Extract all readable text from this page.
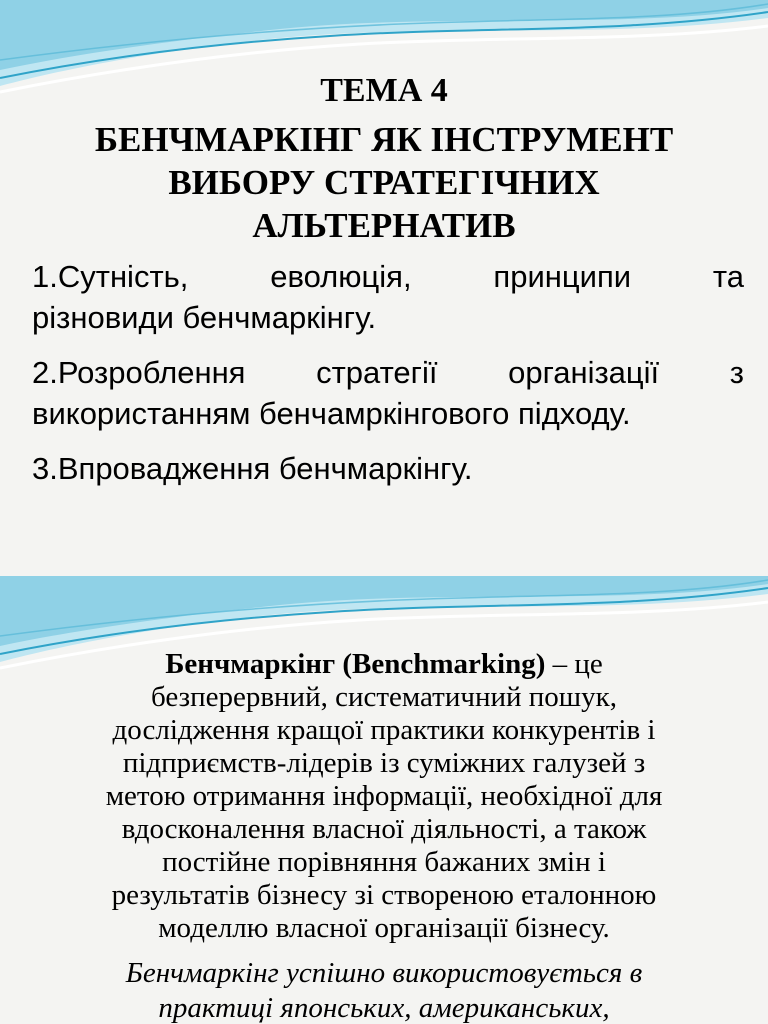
ТЕМА 4
БЕНЧМАРКІНГ ЯК ІНСТРУМЕНТ
ВИБОРУ СТРАТЕГІЧНИХ
АЛЬТЕРНАТИВ
1.Сутність, еволюція, принципи та
різновиди бенчмаркінгу.
2.Розроблення стратегії організації з
використанням бенчамркінгового підходу.
3.Впровадження бенчмаркінгу.
Бенчмаркінг (Benchmarking) – це
безперервний, систематичний пошук,
дослідження кращої практики конкурентів і
підприємств-лідерів із суміжних галузей з
метою отримання інформації, необхідної для
вдосконалення власної діяльності, а також
постійне порівняння бажаних змін і
результатів бізнесу зі створеною еталонною
моделлю власної організації бізнесу.
Бенчмаркінг успішно використовується в
практиці японських, американських,
